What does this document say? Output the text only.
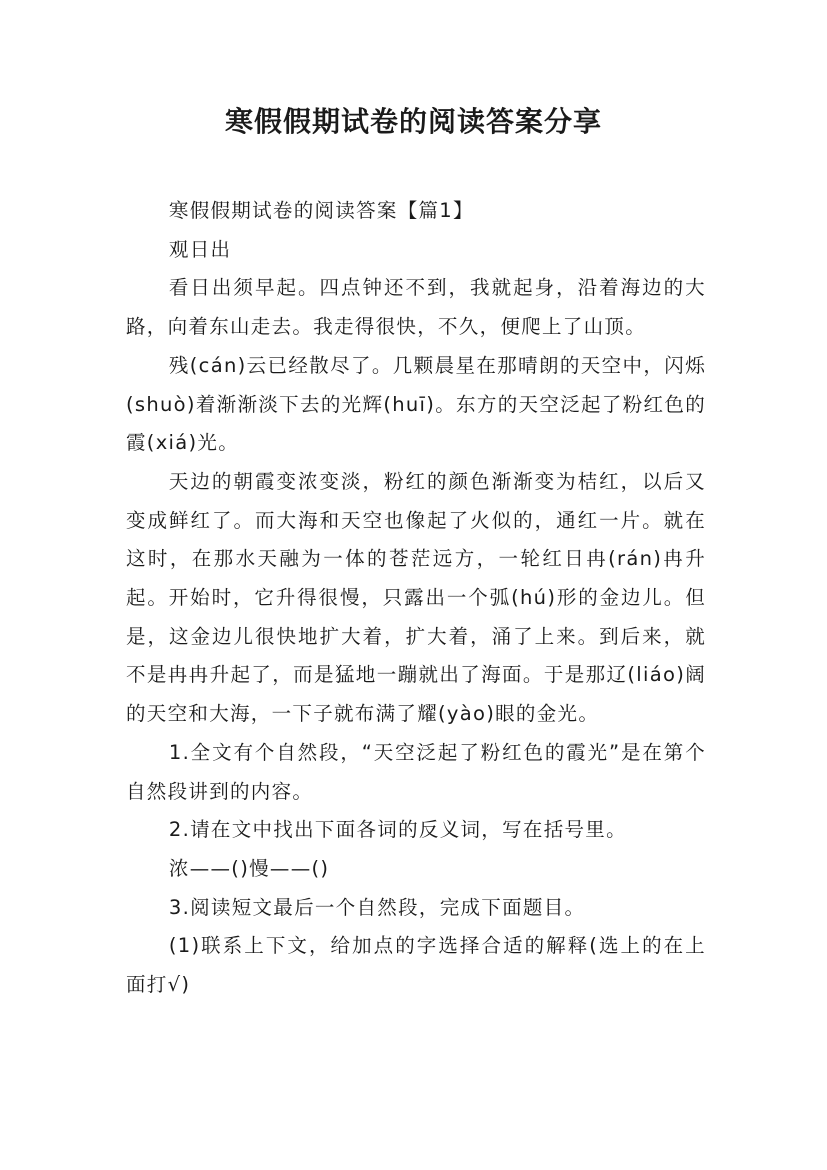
寒假假期试卷的阅读答案分享

寒假假期试卷的阅读答案【篇1】

观日出

看日出须早起。四点钟还不到，我就起身，沿着海边的大路，向着东山走去。我走得很快，不久，便爬上了山顶。

残(cán)云已经散尽了。几颗晨星在那晴朗的天空中，闪烁(shuò)着渐渐淡下去的光辉(huī)。东方的天空泛起了粉红色的霞(xiá)光。

天边的朝霞变浓变淡，粉红的颜色渐渐变为桔红，以后又变成鲜红了。而大海和天空也像起了火似的，通红一片。就在这时，在那水天融为一体的苍茫远方，一轮红日冉(rán)冉升起。开始时，它升得很慢，只露出一个弧(hú)形的金边儿。但是，这金边儿很快地扩大着，扩大着，涌了上来。到后来，就不是冉冉升起了，而是猛地一蹦就出了海面。于是那辽(liáo)阔的天空和大海，一下子就布满了耀(yào)眼的金光。

1.全文有个自然段，“天空泛起了粉红色的霞光”是在第个自然段讲到的内容。

2.请在文中找出下面各词的反义词，写在括号里。

浓——()慢——()

3.阅读短文最后一个自然段，完成下面题目。

(1)联系上下文，给加点的字选择合适的解释(选上的在上面打√)
